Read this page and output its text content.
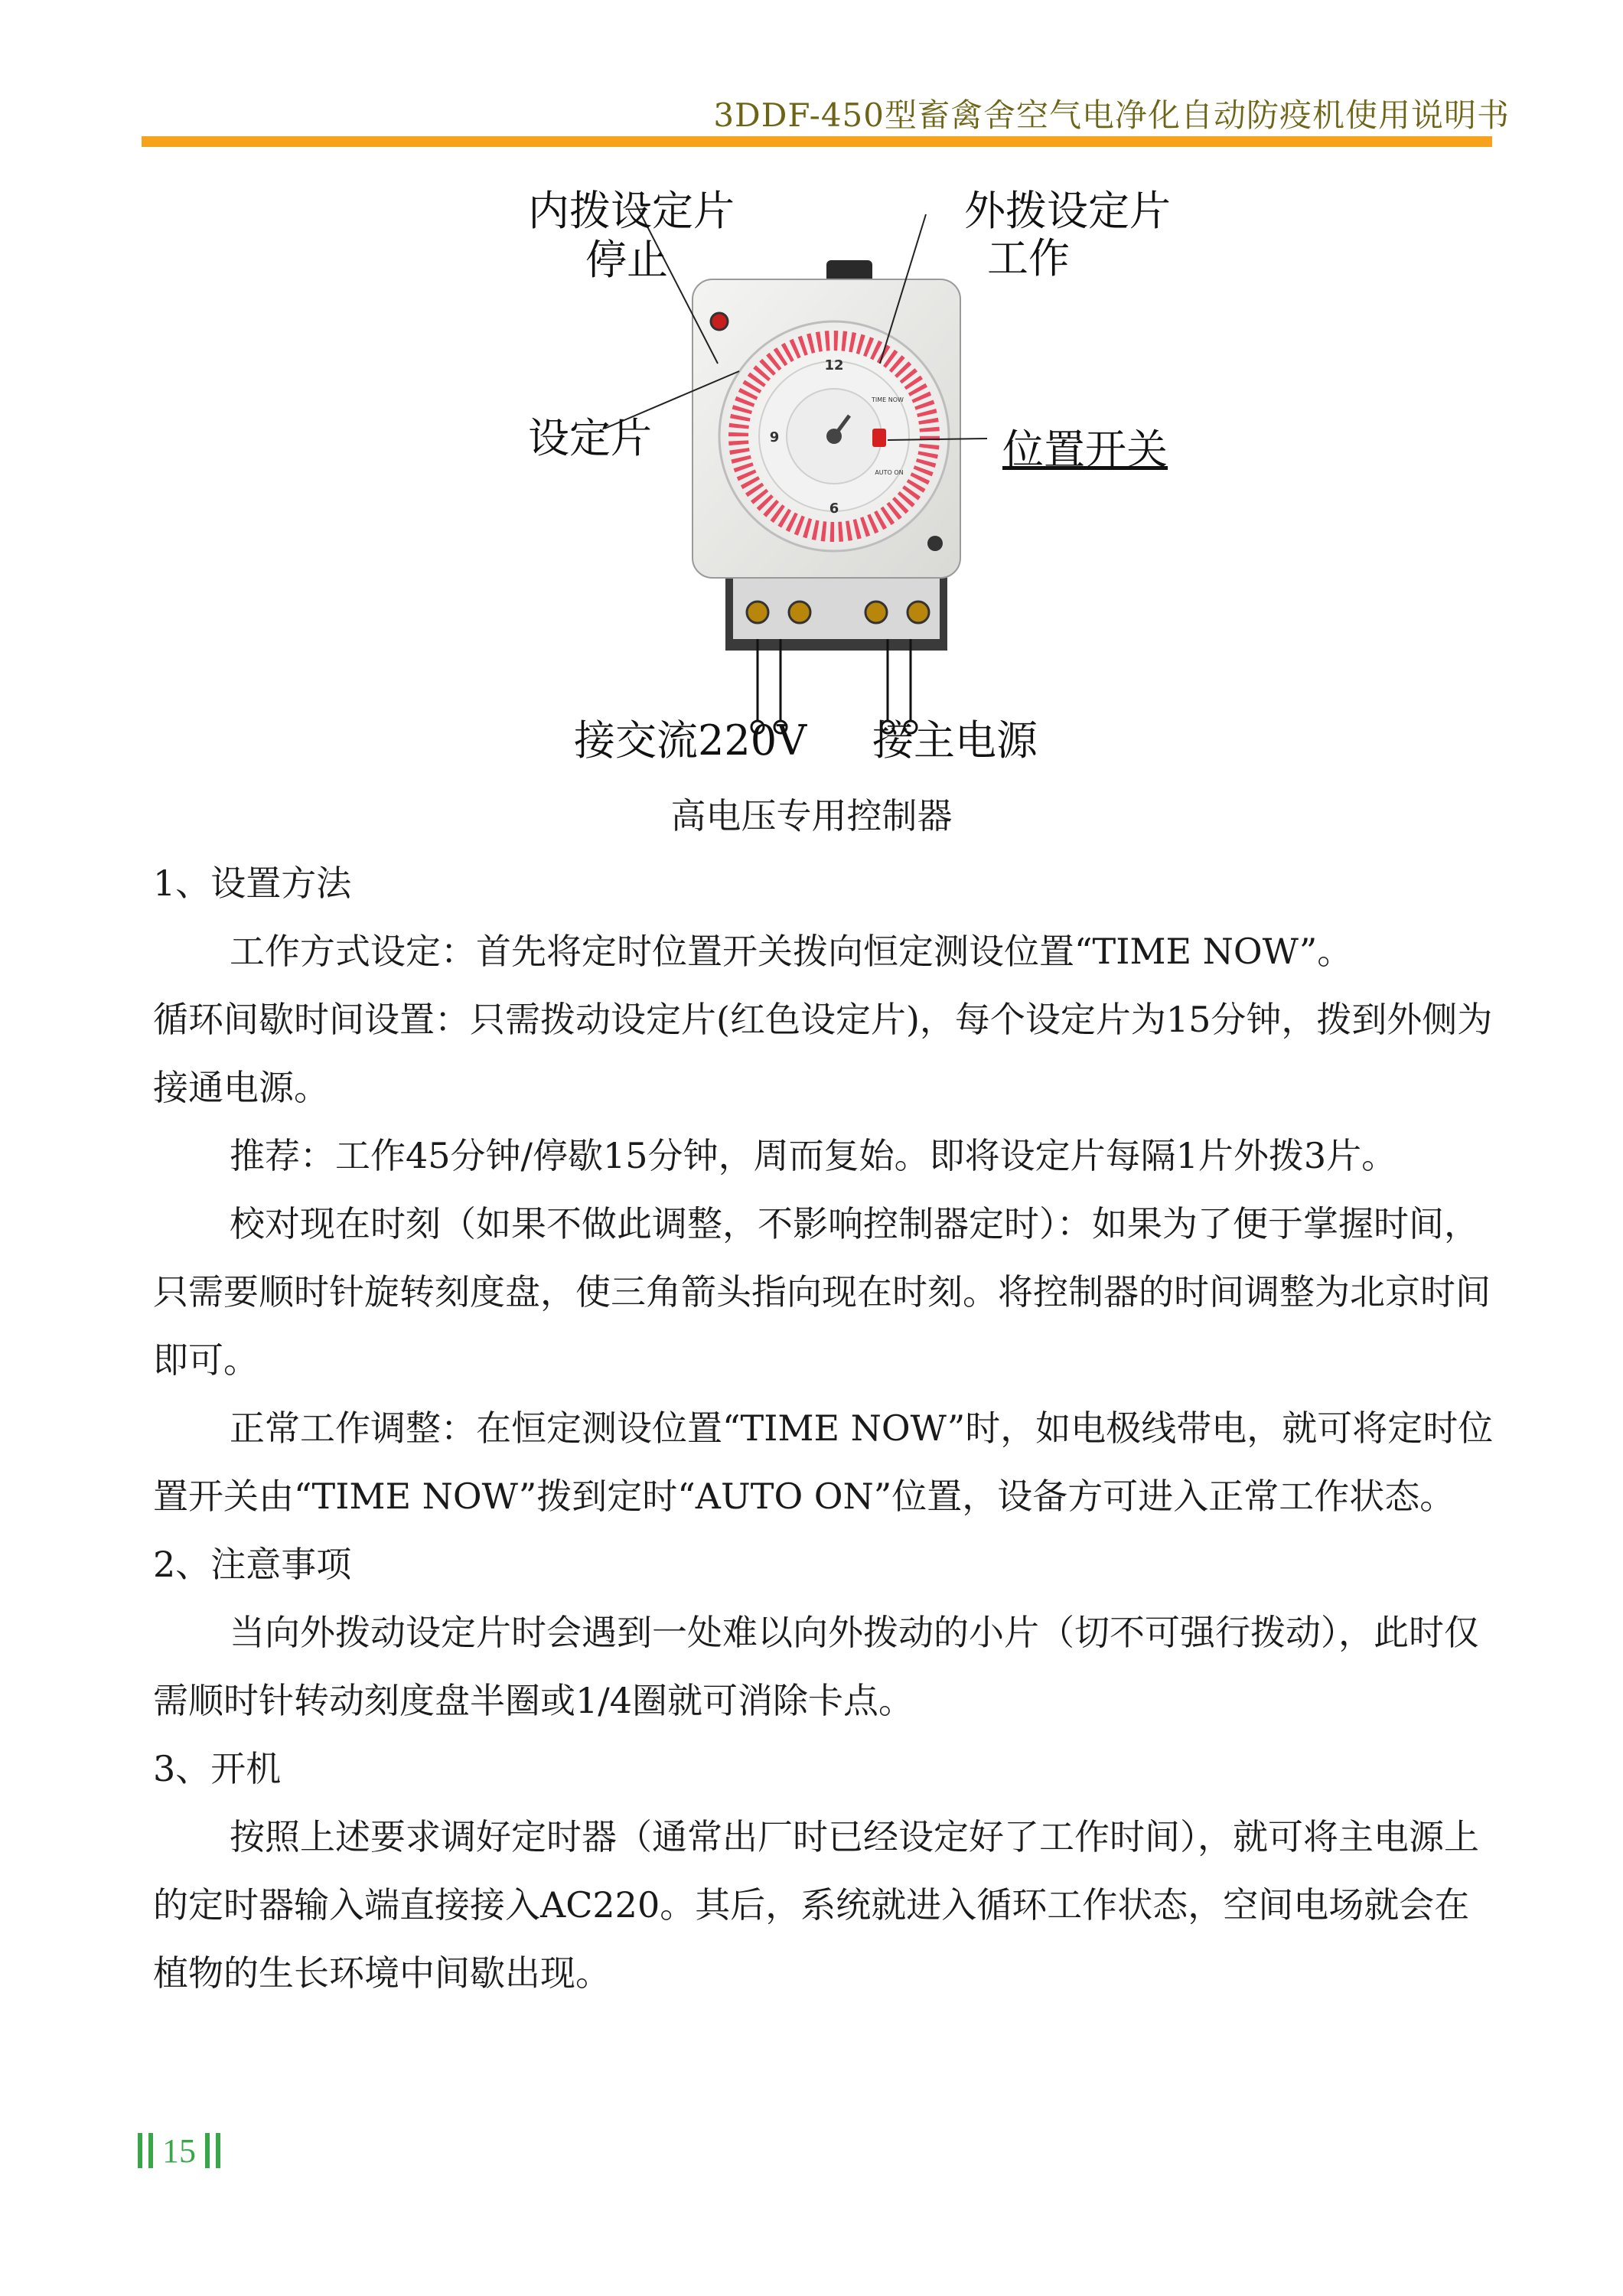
3DDF-450型畜禽舍空气电净化自动防疫机使用说明书
12
9
6
TIME NOW
AUTO ON
内拨设定片
停止
外拨设定片
工作
设定片	位置开关
接交流220V 接主电源
高电压专用控制器

1、设置方法

工作方式设定：首先将定时位置开关拨向恒定测设位置“TIME NOW”。

循环间歇时间设置：只需拨动设定片(红色设定片)，每个设定片为15分钟，拨到外侧为接通电源。

推荐：工作45分钟/停歇15分钟，周而复始。即将设定片每隔1片外拨3片。

校对现在时刻（如果不做此调整，不影响控制器定时）：如果为了便于掌握时间，只需要顺时针旋转刻度盘，使三角箭头指向现在时刻。将控制器的时间调整为北京时间即可。

正常工作调整：在恒定测设位置“TIME NOW”时，如电极线带电，就可将定时位置开关由“TIME NOW”拨到定时“AUTO ON”位置，设备方可进入正常工作状态。

2、注意事项

当向外拨动设定片时会遇到一处难以向外拨动的小片（切不可强行拨动），此时仅需顺时针转动刻度盘半圈或1/4圈就可消除卡点。

3、开机

按照上述要求调好定时器（通常出厂时已经设定好了工作时间），就可将主电源上的定时器输入端直接接入AC220。其后，系统就进入循环工作状态，空间电场就会在植物的生长环境中间歇出现。

15
